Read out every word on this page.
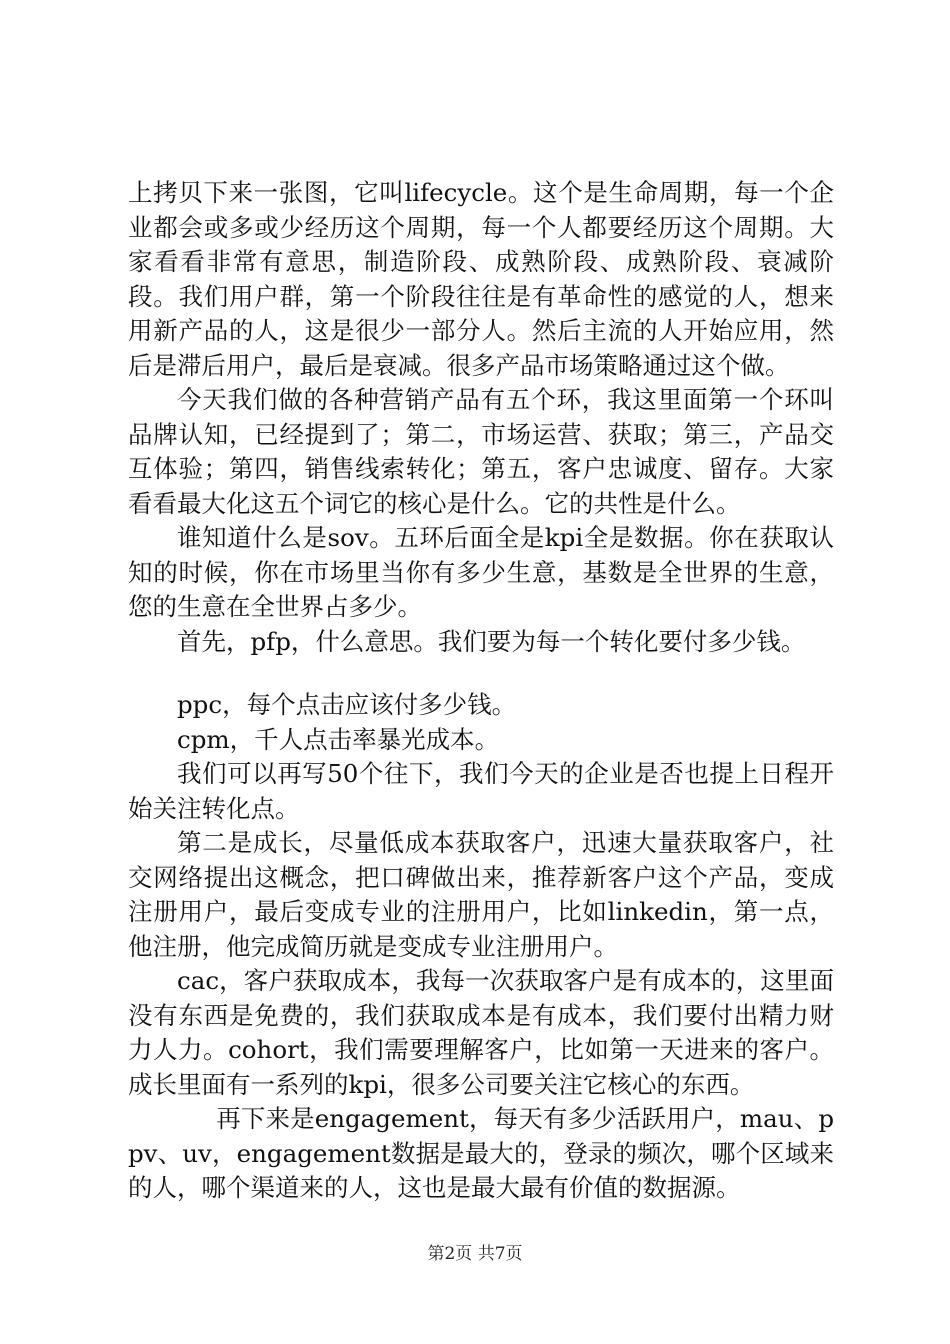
上拷贝下来一张图，它叫lifecycle。这个是生命周期，每一个企业都会或多或少经历这个周期，每一个人都要经历这个周期。大家看看非常有意思，制造阶段、成熟阶段、成熟阶段、衰减阶段。我们用户群，第一个阶段往往是有革命性的感觉的人，想来用新产品的人，这是很少一部分人。然后主流的人开始应用，然后是滞后用户，最后是衰减。很多产品市场策略通过这个做。

今天我们做的各种营销产品有五个环，我这里面第一个环叫品牌认知，已经提到了；第二，市场运营、获取；第三，产品交互体验；第四，销售线索转化；第五，客户忠诚度、留存。大家看看最大化这五个词它的核心是什么。它的共性是什么。

谁知道什么是sov。五环后面全是kpi全是数据。你在获取认知的时候，你在市场里当你有多少生意，基数是全世界的生意，您的生意在全世界占多少。

首先，pfp，什么意思。我们要为每一个转化要付多少钱。

ppc，每个点击应该付多少钱。

cpm，千人点击率暴光成本。

我们可以再写50个往下，我们今天的企业是否也提上日程开始关注转化点。

第二是成长，尽量低成本获取客户，迅速大量获取客户，社交网络提出这概念，把口碑做出来，推荐新客户这个产品，变成注册用户，最后变成专业的注册用户，比如linkedin，第一点，他注册，他完成简历就是变成专业注册用户。

cac，客户获取成本，我每一次获取客户是有成本的，这里面没有东西是免费的，我们获取成本是有成本，我们要付出精力财力人力。cohort，我们需要理解客户，比如第一天进来的客户。成长里面有一系列的kpi，很多公司要关注它核心的东西。

再下来是engagement，每天有多少活跃用户，mau、ppv、uv，engagement数据是最大的，登录的频次，哪个区域来的人，哪个渠道来的人，这也是最大最有价值的数据源。

第2页 共7页
